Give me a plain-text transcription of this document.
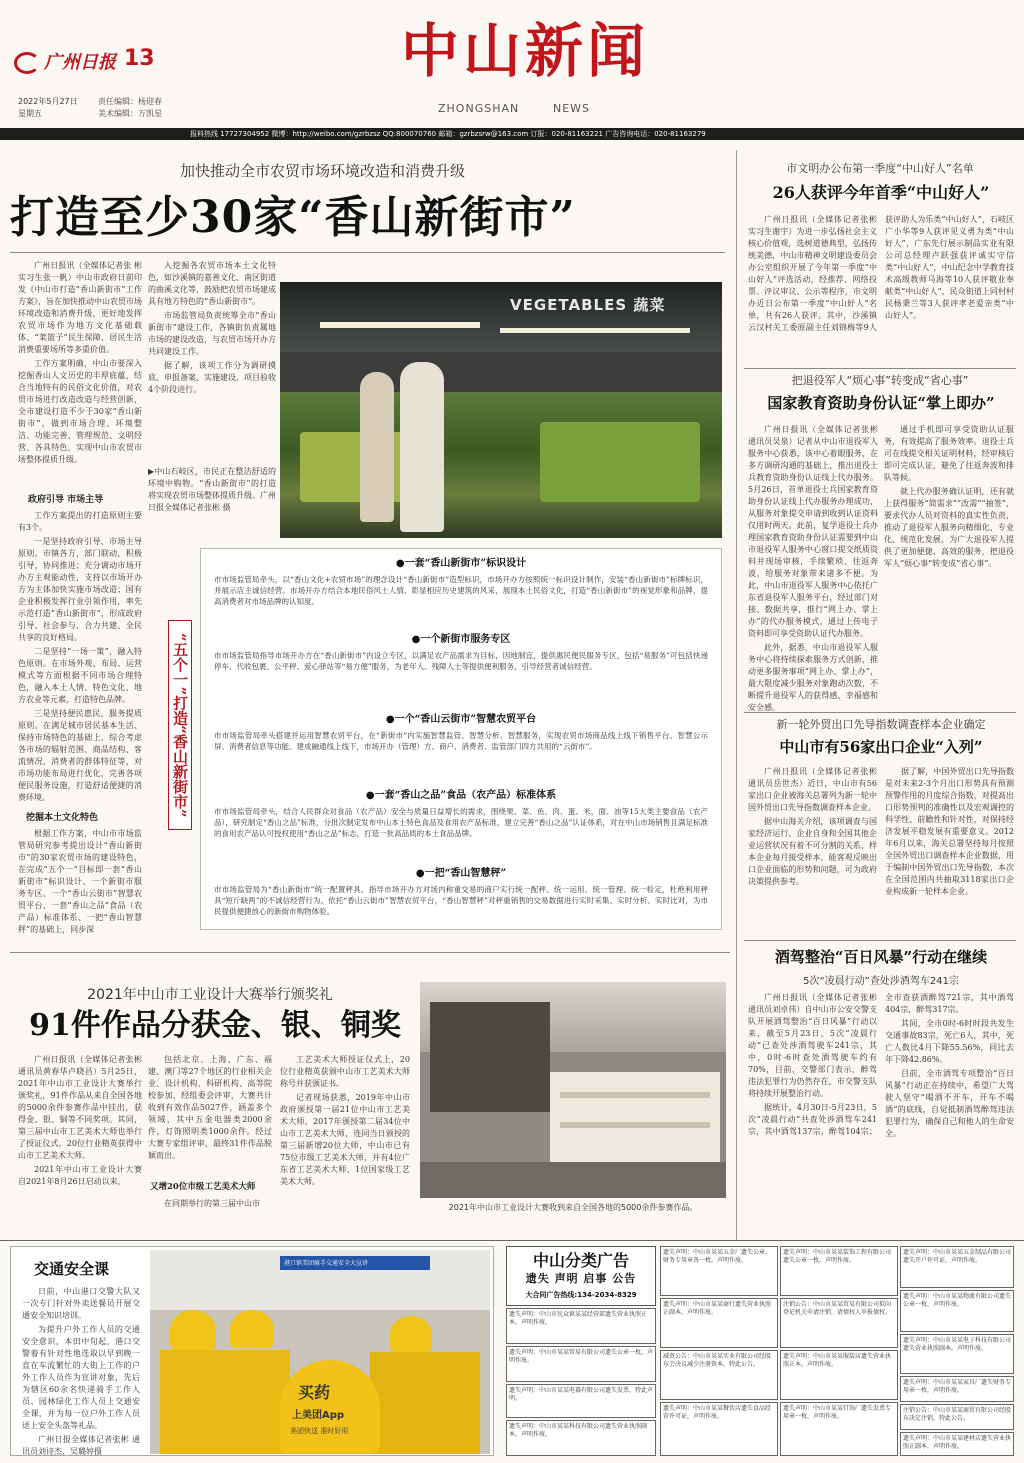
广州日报 13
2022年5月27日
星期五
责任编辑：杨迎春
美术编辑：万凯星
中山新闻
ZHONGSHAN	NEWS
报料热线 17727304952 微博：http://weibo.com/gzrbzsz QQ:800070760 邮箱：gzrbzsrw@163.com 订报：020-81163221 广告咨询电话：020-81163279
加快推动全市农贸市场环境改造和消费升级
打造至少30家“香山新街市”

广州日报讯（全媒体记者张 彬 实习生张一帆）中山市政府日前印发《中山市打造“香山新街市”工作方案》，旨在加快推动中山农贸市场环境改造和消费升级，更好地发挥农贸市场作为地方文化基础载体、“菜篮子”民生保障、居民生活消费重要场所等多重价值。

工作方案明确，中山市要深入挖掘香山人文历史的丰厚底蕴，结合当地特有的民俗文化价值，对农贸市场进行改造改造与经营创新，全市建设打造不少于30家“香山新街市”，做到市场合理、环境整洁、功能完善、管理规范、文明经营、各具特色，实现中山市农贸市场整体提质升级。

政府引导 市场主导

工作方案提出的打造原则主要有3个。

一是坚持政府引导、市场主导原则。市镇各方，部门联动，积极引导，协同推进；充分调动市场开办方主观能动性，支持以市场开办方为主体加快实施市场改造；国有企业积极发挥行业引领作用，率先示范打造“香山新街市”，形成政府引导、社会参与、合力共建、全民共享的良好格局。

二是坚持“一场一策”，融入特色原则。在市场外观、布局、运营模式等方面根据不同市场合理特色，融入本土人情、特色文化、地方农业等元素，打造特色品牌。

三是坚持便民惠民，服务提质原则。在满足城市居民基本生活、保持市场特色的基础上，综合考虑各市场的辐射范围、商品结构、客流情况、消费者的群体特征等，对市场功能布局进行优化，完善各项便民服务设施，打造舒适便捷的消费环境。

挖掘本土文化特色

根据工作方案，中山市市场监管局研究参考提出设计“香山新街市”的30家农贸市场的建设特色，在完成“五个一”目标即一套“香山新街市”标识设计、一个新街市服务专区、一个“香山云街市”智慧农贸平台、一套“香山之品”食品（农产品）标准体系、一把“香山智慧秤”的基础上，同步深

入挖掘各农贸市场本土文化特色，如沙溪镇的嘉善文化、南区街道的曲溪文化等，鼓励把农贸市场建成具有地方特色的“香山新街市”。

市场监管局负责统筹全市“香山新街市”建设工作，各镇街负责属地市场的建设改造，与农贸市场开办方共同建设工作。

据了解，该项工作分为调研摸底、申报备案、实施建设、项目验收4个阶段进行。

▶中山石岐区，市民正在整洁舒适的环境中购物。“香山新街市”的打造将实现农贸市场整体提质升级。广州日报全媒体记者张彬 摄
VEGETABLES 蔬菜
“五个一”打造“香山新街市”
●一套“香山新街市”标识设计
市市场监管局牵头，以“香山文化+农贸市场”的理念设计“香山新街市”造型标识，市场开办方按照统一标识设计制作，安装“香山新街市”标牌标识，并展示店主诚信经营。市场开办方结合本地民俗风土人情，彰显相应历史建筑的风采，展现本土民俗文化，打造“香山新街市”的视觉形象和品牌，提高消费者对市场品牌的认知度。
●一个新街市服务专区
市市场监管局指导市场开办方在“香山新街市”内设立专区，以满足农产品需求为目标，因地制宜，提供惠民便民服务专区，包括“易服务”可包括快递停车、代收包裹、公平秤、爱心驿站等“易方便”服务，为老年人、残障人士等提供便利服务，引导经营者诚信经营。
●一个“香山云街市”智慧农贸平台
市市场监管局牵头搭建并运用智慧农贸平台，在“新街市”内实施智慧监管、智慧分析、智慧服务，实现农贸市场商品线上线下销售平台、智慧公示屏、消费者信息等功能。建成融通线上线下，市场开办（管理）方、商户、消费者、监管部门四方共用的“云街市”。
●一套“香山之品”食品（农产品）标准体系
市市场监管局牵头，结合人民群众对食品（农产品）安全与质量日益增长的需求，围绕果、菜、鱼、肉、蛋、米、面、油等15大类主要食品（农产品），研究制定“香山之品”标准，分批次制定发布中山本土特色食品及食用农产品标准，建立完善“香山之品”认证体系，对在中山市场销售且满足标准的食用农产品认可授权使用“香山之品”标志，打造一批高品质的本土食品品牌。
●一把“香山智慧秤”
市市场监管局为“香山新街市”统一配置秤具，指导市场开办方对场内称重交易的商户实行统一配秤、统一运用、统一管理、统一检定，杜绝利用秤具“短斤缺两”的不诚信经营行为。依托“香山云街市”智慧农贸平台，“香山智慧秤”对秤重销售的交易数据进行实时采集、实时分析、实时比对，为市民提供便捷放心的新街市购物体验。
市文明办公布第一季度“中山好人”名单
26人获评今年首季“中山好人”

广州日报讯（全媒体记者张彬 实习生谢宇）为进一步弘扬社会主义核心价值观，选树道德典型，弘扬传统美德，中山市精神文明建设委员会办公室组织开展了今年第一季度“中山好人”评选活动，经推荐、网络投票、评议审议、公示等程序，市文明办近日公布第一季度“中山好人”名单，共有26人获评。其中，沙溪镇云汉村关工委原副主任刘锦梅等9人获评助人为乐类“中山好人”，石岐区广小华等9人获评见义勇为类“中山好人”，广东先行展示制品实业有限公司总经理卢跃强获评诚实守信类“中山好人”，中山纪念中学教育技术高级教师马海等10人获评敬业奉献类“中山好人”，民众街道上同村村民杨秉兰等3人获评孝老爱亲类“中山好人”。

把退役军人“烦心事”转变成“省心事”
国家教育资助身份认证“掌上即办”

广州日报讯（全媒体记者张彬 通讯员吴泉）记者从中山市退役军人服务中心获悉，该中心着眼服务，在多方调研沟通的基础上，推出退役士兵教育资助身份认证线上代办服务。5月26日，首单退役士兵国家教育资助身份认证线上代办服务办理成功，从服务对象提交申请到收到认证资料仅用时两天。此前，复学退役士兵办理国家教育资助身份认证需要到中山市退役军人服务中心窗口提交纸质资料并现场审核，手续繁琐、往返奔波，给服务对象带来诸多不便。为此，中山市退役军人服务中心依托广东省退役军人服务平台，经过部门对接、数据共享，推行“网上办、掌上办”的代办服务模式，通过上传电子资料即可享受资助认证代办服务。

此外，据悉，中山市退役军人服务中心将持续探索服务方式创新，推动更多服务事项“网上办、掌上办”，最大限度减少服务对象跑动次数，不断提升退役军人的获得感、幸福感和安全感。

通过手机即可享受资助认证服务，有效提高了服务效率。退役士兵可在线提交相关证明材料，经审核后即可完成认证，避免了往返奔波和排队等候。

就上代办服务确认证明，还有就上获得服务“简需求”“改需”“抽签”，要求代办人员对资料的真实性负责，推动了退役军人服务向精细化、专业化、规范化发展，为广大退役军人提供了更加便捷、高效的服务，把退役军人“烦心事”转变成“省心事”。

新一轮外贸出口先导指数调查样本企业确定
中山市有56家出口企业“入列”

广州日报讯（全媒体记者张彬 通讯员岳世杰）近日，中山市有56家出口企业被海关总署列为新一轮中国外贸出口先导指数调查样本企业。

据中山海关介绍，该项调查与国家经济运行、企业自身和全国其他企业运营状况有着不可分割的关系，样本企业每月接受样本，能客观反映出口企业面临的形势和问题，可为政府决策提供参考。

据了解，中国外贸出口先导指数是对未来2-3个月出口形势具有预测预警作用的月度综合指数，对提高出口形势预判的准确性以及宏观调控的科学性、前瞻性和针对性，对保持经济发展平稳发展有重要意义。2012年6月以来，海关总署坚持每月按照全国外贸出口调查样本企业数据，用于编制中国外贸出口先导指数，本次在全国范围内共抽取3118家出口企业构成新一轮样本企业。

酒驾整治“百日风暴”行动在继续
5次“凌晨行动”查处涉酒驾车241宗

广州日报讯（全媒体记者张彬 通讯员刘卓伟）自中山市公安交警支队开展酒驾整治“百日风暴”行动以来，截至5月23日，5次“凌晨行动”已查处涉酒驾驶车241宗，其中，0时-6时查处酒驾驶车约有70%，目前，交警部门表示，醉驾违法犯罪行为仍然存在，市交警支队将持续开展整治行动。

据统计，4月30日-5月23日，5次“凌晨行动”共查处涉酒驾车241宗，其中酒驾137宗，醉驾104宗；全市查获酒醉驾721宗，其中酒驾404宗，醉驾317宗。

其间，全市0时-6时时段共发生交通事故83宗，死亡6人，其中，死亡人数比4月下降55.56%，同比去年下降42.86%。

目前，全市酒驾专项整治“百日风暴”行动正在持续中，希望广大驾驶人坚守“喝酒不开车，开车不喝酒”的底线，自觉抵制酒驾醉驾违法犯罪行为，确保自己和他人的生命安全。

2021年中山市工业设计大赛举行颁奖礼
91件作品分获金、银、铜奖

广州日报讯（全媒体记者张彬 通讯员黄春华卢晓昌）5月25日，2021年中山市工业设计大赛举行颁奖礼，91件作品从来自全国各地的5000余件参赛作品中挂出，获得金、银、铜等不同奖项。其同，第三届中山市工艺美术大师也举行了授证仪式，20位行业精英获得中山市工艺美术大师。

2021年中山市工业设计大赛自2021年8月26日启动以来，

包括北京、上海、广东、福建、澳门等27个地区的行业相关企业、设计机构、科研机构、高等院校参加，经组委会评审，大赛共计收到有效作品5027件，涵盖多个领域，其中五金电器类2000余件，灯饰照明类1000余件。经过大赛专家组评审，最终31件作品脱颖而出。

又增20位市级工艺美术大师

在同期举行的第三届中山市

工艺美术大师授证仪式上，20位行业精英获颁中山市工艺美术大师称号并获颁证书。

记者现场获悉，2019年中山市政府颁授第一届21位中山市工艺美术大师，2017年颁授第二届34位中山市工艺美术大师，连同当日颁授的第三届新增20位大师，中山市已有75位市级工艺美术大师，并有4位广东省工艺美术大师、1位国家级工艺美术大师。

2021年中山市工业设计大赛收到来自全国各地的5000余件参赛作品。
交通安全课

日前，中山港口交警大队又一次专门针对外卖送餐员开展交通安全知识培训。

为提升户外工作人员的交通安全意识，本田中旬起，港口交警着有针对性地选取以早到晚一直在车流繁忙的大街上工作的户外工作人员作为宣讲对象，先后为辖区60余名快递骑手工作人员、园林绿化工作人员上交通安全课，并为每一位户外工作人员送上安全头盔等礼品。

广州日报全媒体记者张彬 通讯员刘诗杰、吴璐婷摄

港口镇美团骑手交通安全大宣讲
买药
上美团App
美团快送 准时好用
中山分类广告
遗失 声明 启事 公告
大合同广告热线:134-2034-8329
遗失声明：中山市民众镇某某经营部遗失营业执照正本，声明作废。
遗失声明：中山市某某贸易有限公司遗失公章一枚，声明作废。
遗失声明：中山市某某电器有限公司遗失发票，特此声明。
遗失声明：中山市某某科技有限公司遗失营业执照副本，声明作废。
遗失声明：中山市某某五金厂遗失公章、财务专用章各一枚，声明作废。
遗失声明：中山市某某商行遗失营业执照正副本，声明作废。
减资公告：中山市某某实业有限公司经股东会决议减少注册资本，特此公告。
遗失声明：中山市某某餐饮店遗失食品经营许可证，声明作废。
遗失声明：中山市某某装饰工程有限公司遗失公章一枚，声明作废。
注销公告：中山市某某贸易有限公司拟向登记机关申请注销，请债权人申报债权。
遗失声明：中山市某某服装店遗失营业执照正本，声明作废。
遗失声明：中山市某某灯饰厂遗失发票专用章一枚，声明作废。
遗失声明：中山市某某五金制品有限公司遗失开户许可证，声明作废。
遗失声明：中山市某某物流有限公司遗失公章一枚，声明作废。
遗失声明：中山市某某电子科技有限公司遗失营业执照副本，声明作废。
遗失声明：中山市某某家具厂遗失财务专用章一枚，声明作废。
注销公告：中山市某某商贸有限公司经股东决定注销，特此公告。
遗失声明：中山市某某建材店遗失营业执照正副本，声明作废。
